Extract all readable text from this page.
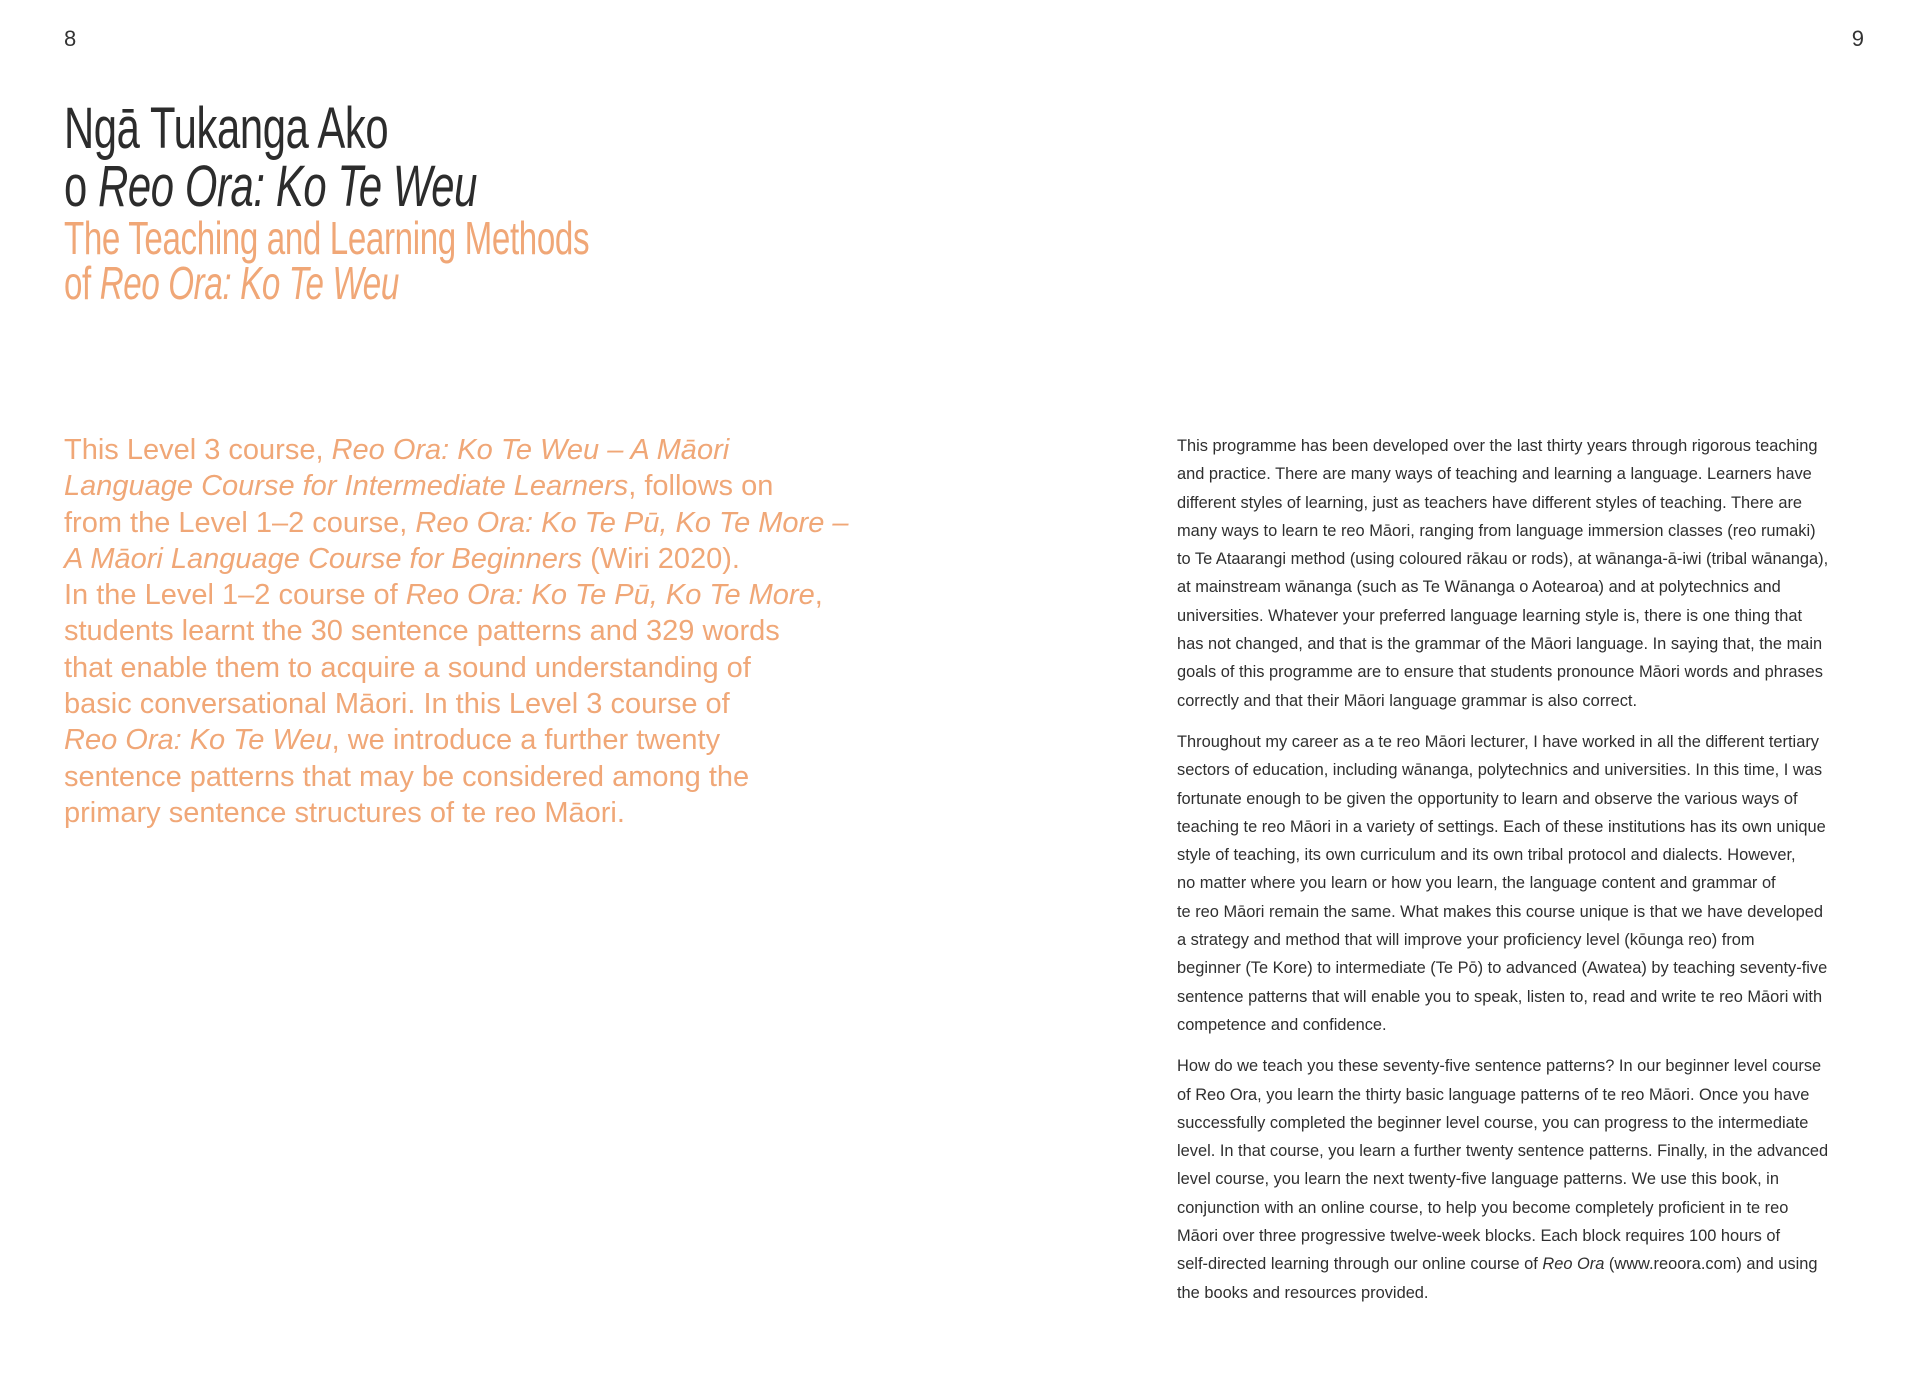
8	9
Ngā Tukanga Ako
o Reo Ora: Ko Te Weu
The Teaching and Learning Methods
of Reo Ora: Ko Te Weu
This Level 3 course, Reo Ora: Ko Te Weu – A Māori
Language Course for Intermediate Learners, follows on
from the Level 1–2 course, Reo Ora: Ko Te Pū, Ko Te More –
A Māori Language Course for Beginners (Wiri 2020).
In the Level 1–2 course of Reo Ora: Ko Te Pū, Ko Te More,
students learnt the 30 sentence patterns and 329 words
that enable them to acquire a sound understanding of
basic conversational Māori. In this Level 3 course of
Reo Ora: Ko Te Weu, we introduce a further twenty
sentence patterns that may be considered among the
primary sentence structures of te reo Māori.

This programme has been developed over the last thirty years through rigorous teaching
and practice. There are many ways of teaching and learning a language. Learners have
different styles of learning, just as teachers have different styles of teaching. There are
many ways to learn te reo Māori, ranging from language immersion classes (reo rumaki)
to Te Ataarangi method (using coloured rākau or rods), at wānanga-ā-iwi (tribal wānanga),
at mainstream wānanga (such as Te Wānanga o Aotearoa) and at polytechnics and
universities. Whatever your preferred language learning style is, there is one thing that
has not changed, and that is the grammar of the Māori language. In saying that, the main
goals of this programme are to ensure that students pronounce Māori words and phrases
correctly and that their Māori language grammar is also correct.

Throughout my career as a te reo Māori lecturer, I have worked in all the different tertiary
sectors of education, including wānanga, polytechnics and universities. In this time, I was
fortunate enough to be given the opportunity to learn and observe the various ways of
teaching te reo Māori in a variety of settings. Each of these institutions has its own unique
style of teaching, its own curriculum and its own tribal protocol and dialects. However,
no matter where you learn or how you learn, the language content and grammar of
te reo Māori remain the same. What makes this course unique is that we have developed
a strategy and method that will improve your proficiency level (kōunga reo) from
beginner (Te Kore) to intermediate (Te Pō) to advanced (Awatea) by teaching seventy-five
sentence patterns that will enable you to speak, listen to, read and write te reo Māori with
competence and confidence.

How do we teach you these seventy-five sentence patterns? In our beginner level course
of Reo Ora, you learn the thirty basic language patterns of te reo Māori. Once you have
successfully completed the beginner level course, you can progress to the intermediate
level. In that course, you learn a further twenty sentence patterns. Finally, in the advanced
level course, you learn the next twenty-five language patterns. We use this book, in
conjunction with an online course, to help you become completely proficient in te reo
Māori over three progressive twelve-week blocks. Each block requires 100 hours of
self-directed learning through our online course of Reo Ora (www.reoora.com) and using
the books and resources provided.
